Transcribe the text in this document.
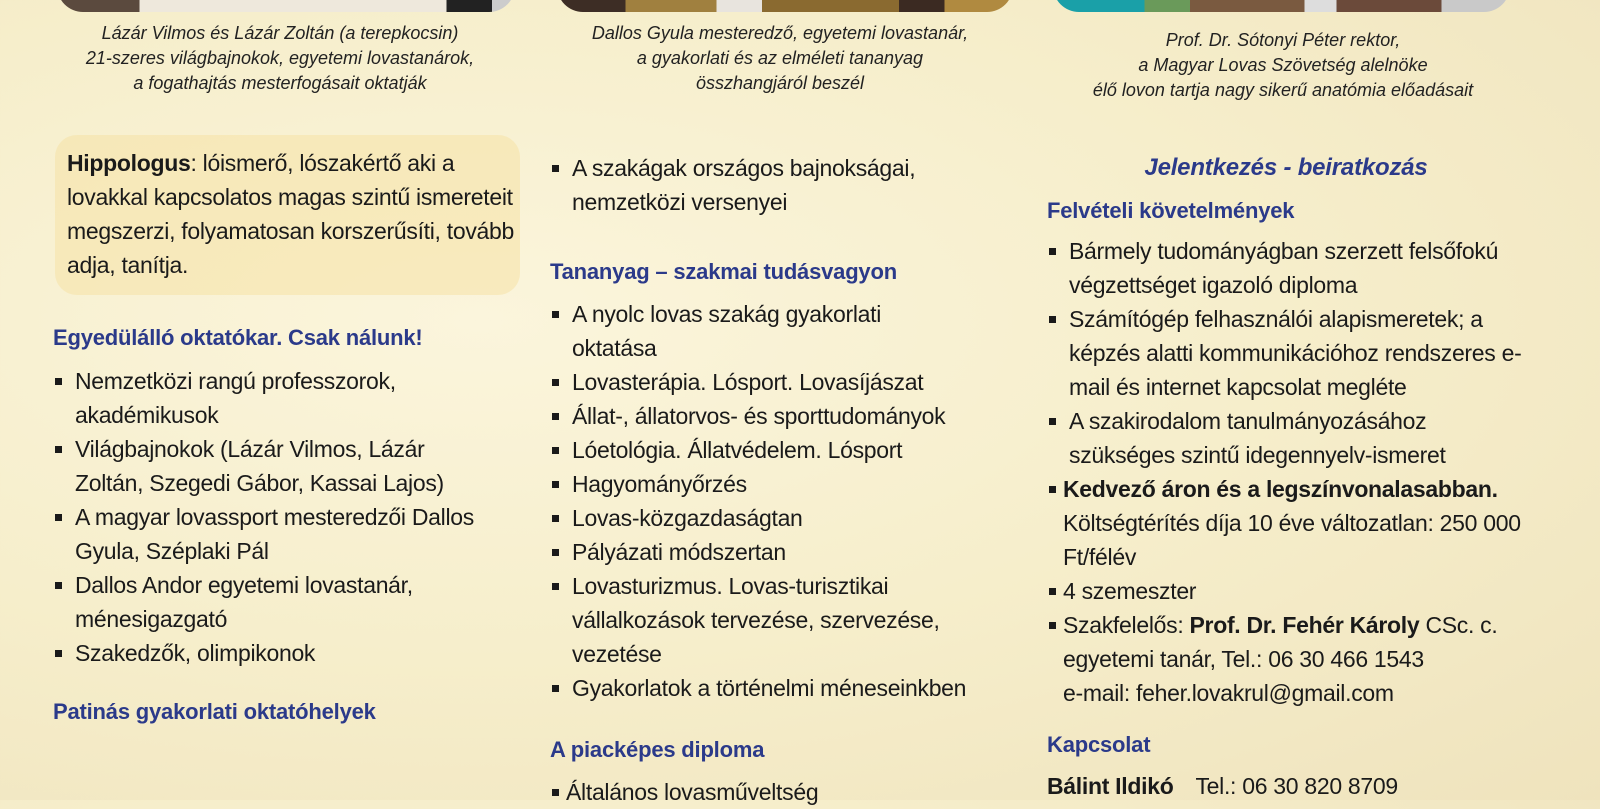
Lázár Vilmos és Lázár Zoltán (a terepkocsin)
21-szeres világbajnokok, egyetemi lovastanárok,
a fogathajtás mesterfogásait oktatják
Dallos Gyula mesteredző, egyetemi lovastanár,
a gyakorlati és az elméleti tananyag
összhangjáról beszél
Prof. Dr. Sótonyi Péter rektor,
a Magyar Lovas Szövetség alelnöke
élő lovon tartja nagy sikerű anatómia előadásait
Hippologus: lóismerő, lószakértő aki a lovakkal kapcsolatos magas szintű ismereteit megszerzi, folyamatosan korszerűsíti, tovább adja, tanítja.
Egyedülálló oktatókar. Csak nálunk!
Nemzetközi rangú professzorok, akadémikusok
Világbajnokok (Lázár Vilmos, Lázár Zoltán, Szegedi Gábor, Kassai Lajos)
A magyar lovassport mesteredzői Dallos Gyula, Széplaki Pál
Dallos Andor egyetemi lovastanár, ménesigazgató
Szakedzők, olimpikonok
Patinás gyakorlati oktatóhelyek
A szakágak országos bajnokságai, nemzetközi versenyei
Tananyag – szakmai tudásvagyon
A nyolc lovas szakág gyakorlati oktatása
Lovasterápia. Lósport. Lovasíjászat
Állat-, állatorvos- és sporttudományok
Lóetológia. Állatvédelem. Lósport
Hagyományőrzés
Lovas-közgazdaságtan
Pályázati módszertan
Lovasturizmus. Lovas-turisztikai vállalkozások tervezése, szervezése, vezetése
Gyakorlatok a történelmi méneseinkben
A piacképes diploma
Általános lovasműveltség
Jelentkezés - beiratkozás
Felvételi követelmények
Bármely tudományágban szerzett felsőfokú végzettséget igazoló diploma
Számítógép felhasználói alapismeretek; a képzés alatti kommunikációhoz rendszeres e-mail és internet kapcsolat megléte
A szakirodalom tanulmányozásához szükséges szintű idegennyelv-ismeret
Kedvező áron és a legszínvonalasabban.
Költségtérítés díja 10 éve változatlan: 250 000 Ft/félév
4 szemeszter
Szakfelelős: Prof. Dr. Fehér Károly CSc. c. egyetemi tanár, Tel.: 06 30 466 1543
e-mail: feher.lovakrul@gmail.com
Kapcsolat
Bálint Ildikó Tel.: 06 30 820 8709
